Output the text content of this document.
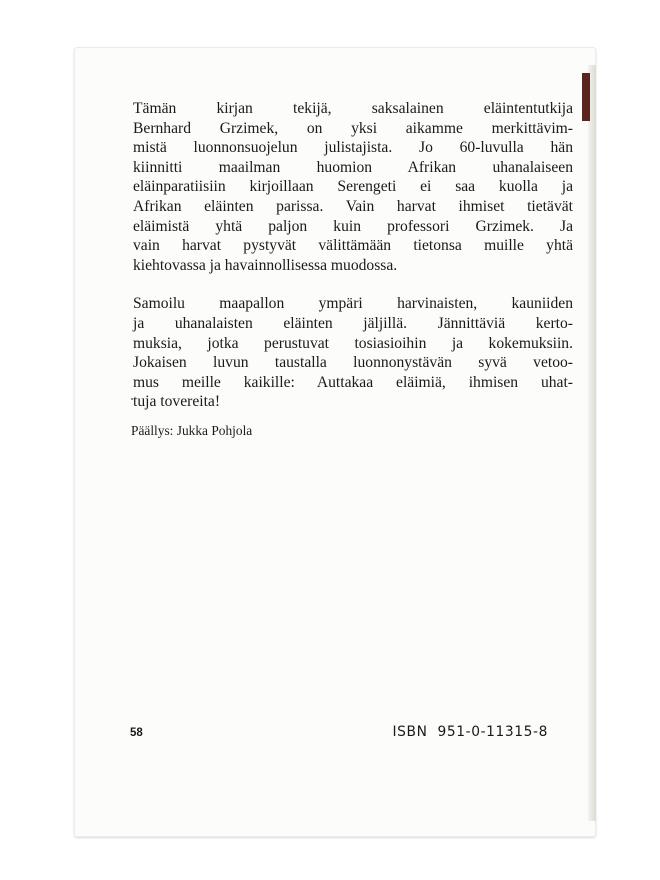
Tämän kirjan tekijä, saksalainen eläintentutkija
Bernhard Grzimek, on yksi aikamme merkittävim-
mistä luonnonsuojelun julistajista. Jo 60-luvulla hän
kiinnitti maailman huomion Afrikan uhanalaiseen
eläinparatiisiin kirjoillaan Serengeti ei saa kuolla ja
Afrikan eläinten parissa. Vain harvat ihmiset tietävät
eläimistä yhtä paljon kuin professori Grzimek. Ja
vain harvat pystyvät välittämään tietonsa muille yhtä
kiehtovassa ja havainnollisessa muodossa.

Samoilu maapallon ympäri harvinaisten, kauniiden
ja uhanalaisten eläinten jäljillä. Jännittäviä kerto-
muksia, jotka perustuvat tosiasioihin ja kokemuksiin.
Jokaisen luvun taustalla luonnonystävän syvä vetoo-
mus meille kaikille: Auttakaa eläimiä, ihmisen uhat-
tuja tovereita!

Päällys: Jukka Pohjola
58	ISBN 951-0-11315-8
